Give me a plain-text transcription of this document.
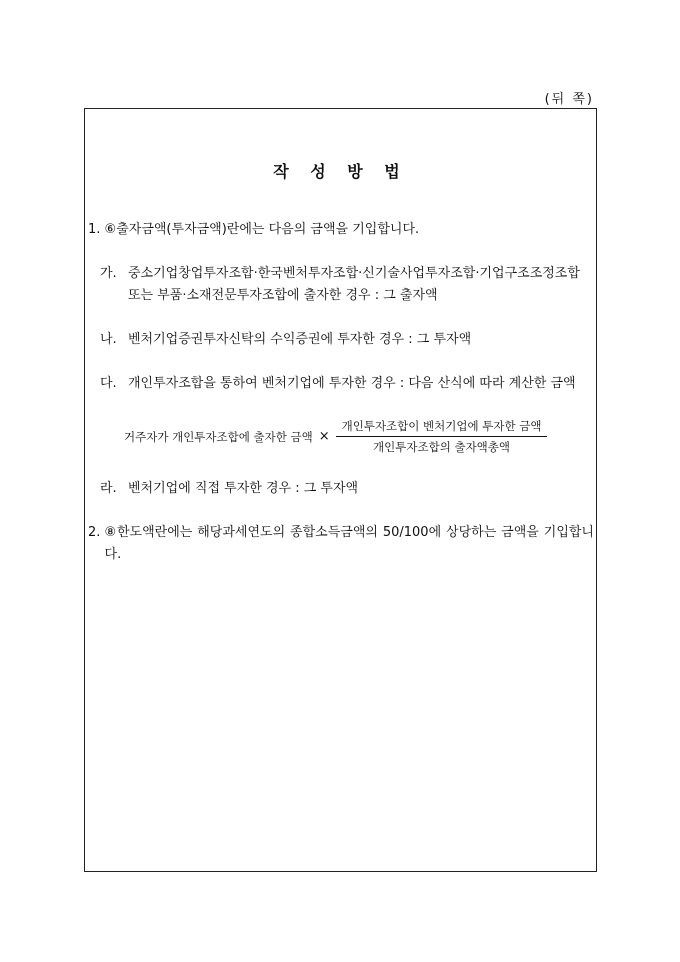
(뒤 쪽)
작 성 방 법
1. ⑥출자금액(투자금액)란에는 다음의 금액을 기입합니다.
가. 중소기업창업투자조합·한국벤처투자조합·신기술사업투자조합·기업구조조정조합 또는 부품·소재전문투자조합에 출자한 경우 : 그 출자액
나. 벤처기업증권투자신탁의 수익증권에 투자한 경우 : 그 투자액
다. 개인투자조합을 통하여 벤처기업에 투자한 경우 : 다음 산식에 따라 계산한 금액
거주자가 개인투자조합에 출자한 금액 × $\frac{\text{개인투자조합이 벤처기업에 투자한 금액}}{\text{개인투자조합의 출자액총액}}$
라. 벤처기업에 직접 투자한 경우 : 그 투자액
2. ⑧한도액란에는 해당과세연도의 종합소득금액의 50/100에 상당하는 금액을 기입합니다.
